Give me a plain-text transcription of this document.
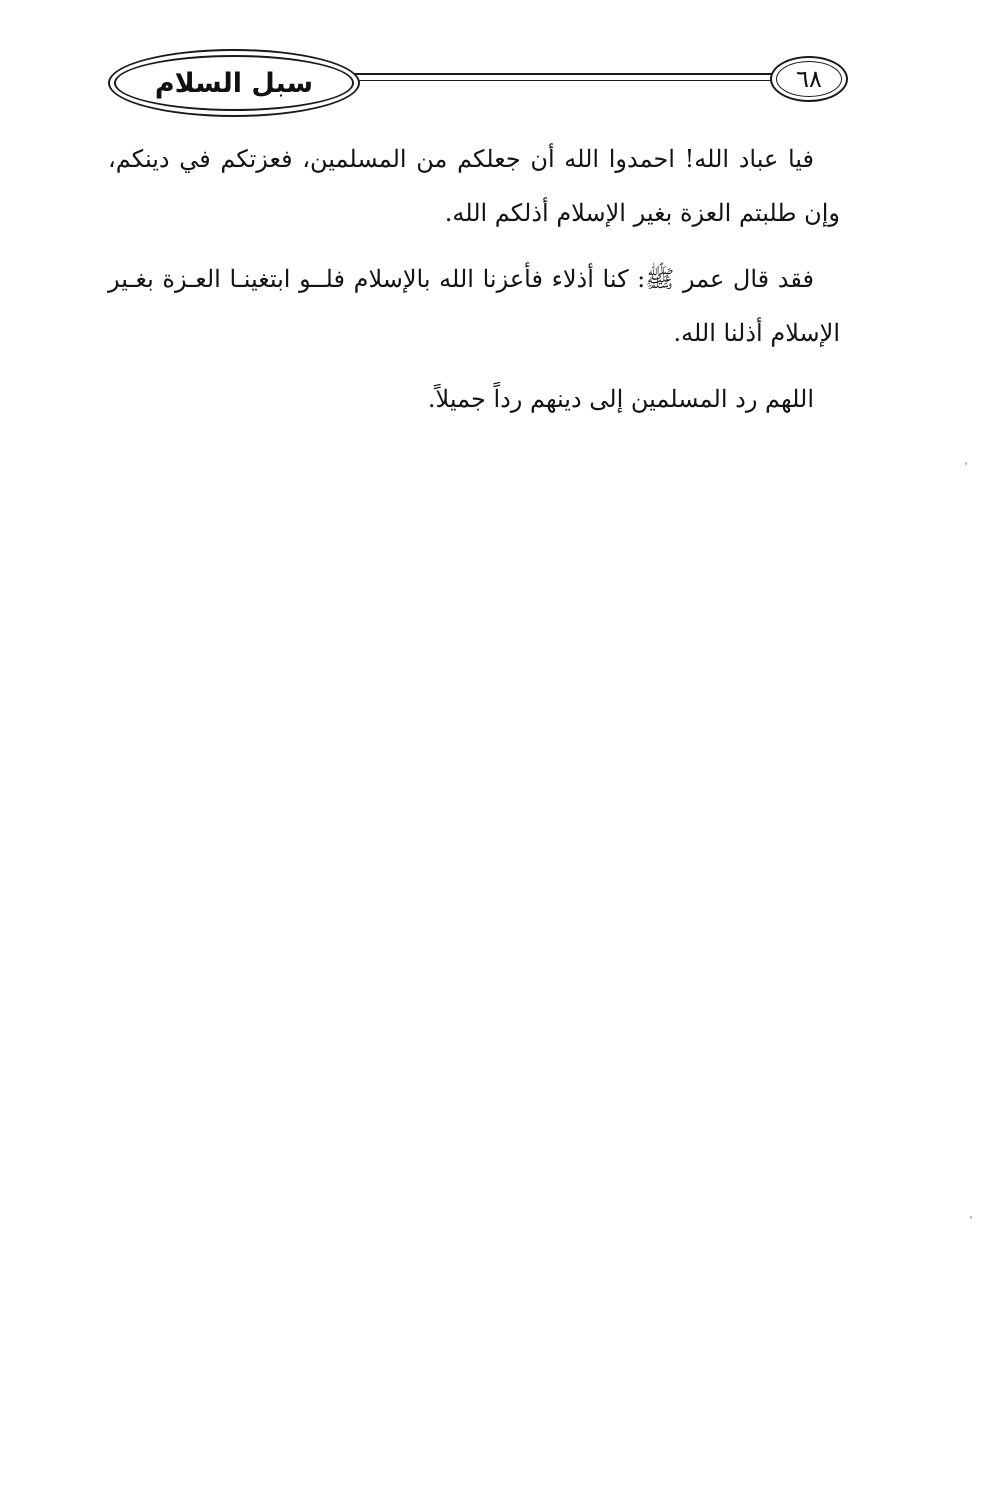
سبل السلام	٦٨

فيا عباد الله! احمدوا الله أن جعلكم من المسلمين، فعزتكم في دينكم، وإن طلبتم العزة بغير الإسلام أذلكم الله.

فقد قال عمر ﷺ: كنا أذلاء فأعزنا الله بالإسلام فلــو ابتغينـا العـزة بغـير الإسلام أذلنا الله.

اللهم رد المسلمين إلى دينهم رداً جميلاً.
